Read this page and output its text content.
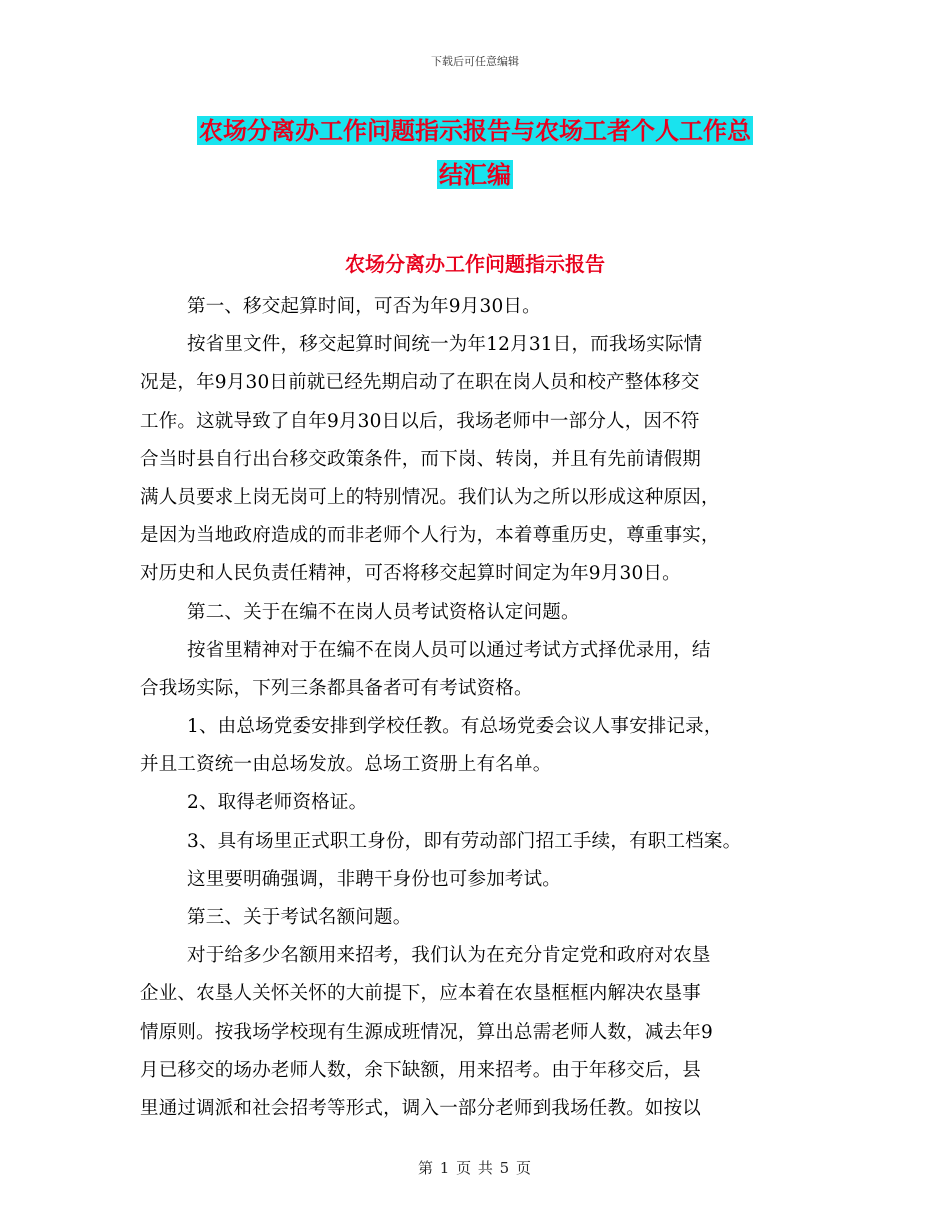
下载后可任意编辑
农场分离办工作问题指示报告与农场工者个人工作总
结汇编
农场分离办工作问题指示报告
第一、移交起算时间，可否为年9月30日。
按省里文件，移交起算时间统一为年12月31日，而我场实际情
况是，年9月30日前就已经先期启动了在职在岗人员和校产整体移交
工作。这就导致了自年9月30日以后，我场老师中一部分人，因不符
合当时县自行出台移交政策条件，而下岗、转岗，并且有先前请假期
满人员要求上岗无岗可上的特别情况。我们认为之所以形成这种原因，
是因为当地政府造成的而非老师个人行为，本着尊重历史，尊重事实，
对历史和人民负责任精神，可否将移交起算时间定为年9月30日。
第二、关于在编不在岗人员考试资格认定问题。
按省里精神对于在编不在岗人员可以通过考试方式择优录用，结
合我场实际，下列三条都具备者可有考试资格。
1、由总场党委安排到学校任教。有总场党委会议人事安排记录，
并且工资统一由总场发放。总场工资册上有名单。
2、取得老师资格证。
3、具有场里正式职工身份，即有劳动部门招工手续，有职工档案。
这里要明确强调，非聘干身份也可参加考试。
第三、关于考试名额问题。
对于给多少名额用来招考，我们认为在充分肯定党和政府对农垦
企业、农垦人关怀关怀的大前提下，应本着在农垦框框内解决农垦事
情原则。按我场学校现有生源成班情况，算出总需老师人数，减去年9
月已移交的场办老师人数，余下缺额，用来招考。由于年移交后，县
里通过调派和社会招考等形式，调入一部分老师到我场任教。如按以
第 1 页 共 5 页
